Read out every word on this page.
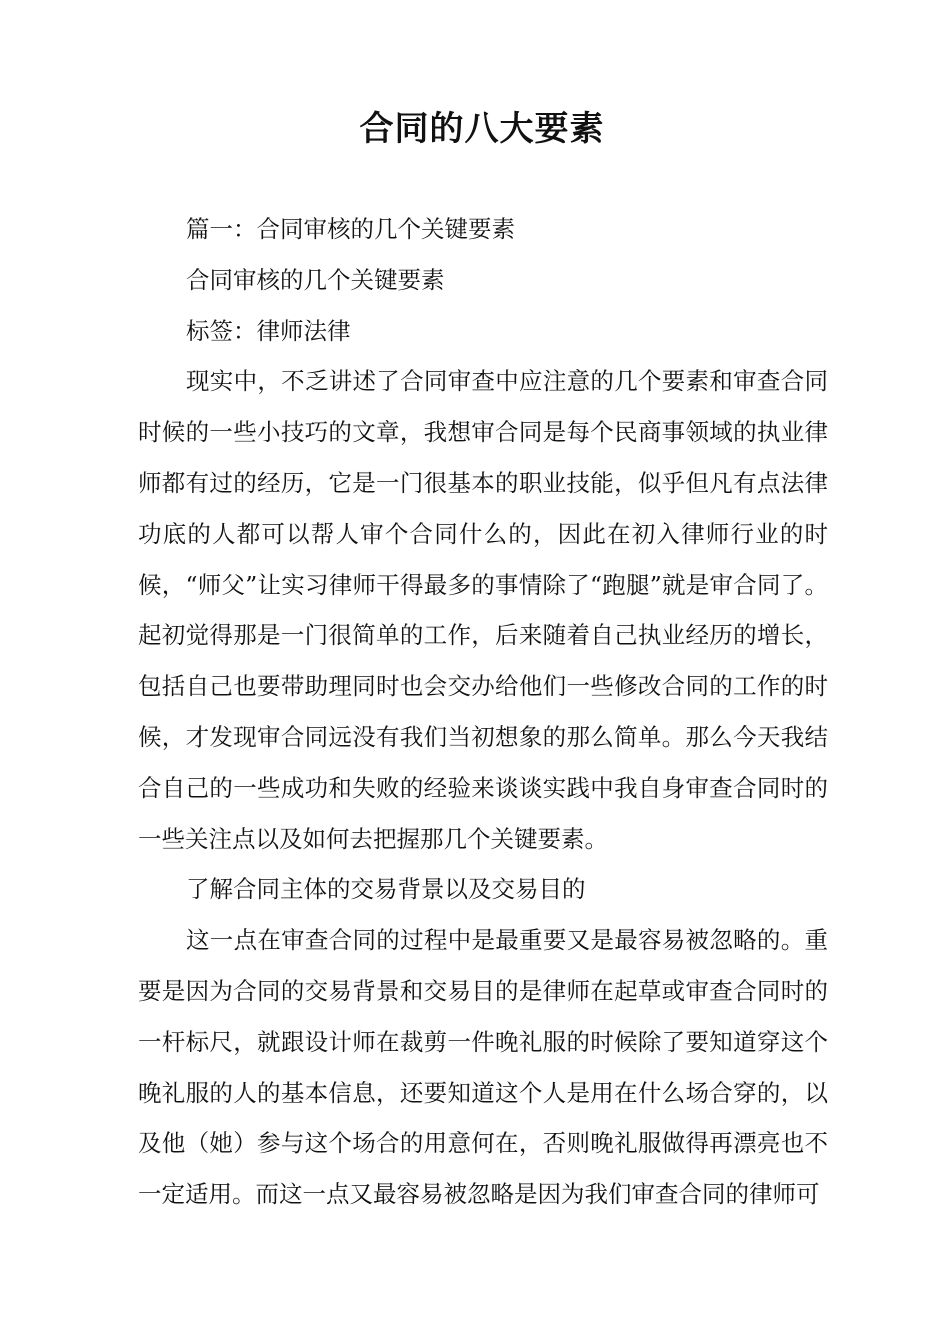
合同的八大要素

篇一：合同审核的几个关键要素

合同审核的几个关键要素

标签：律师法律

现实中，不乏讲述了合同审查中应注意的几个要素和审查合同时候的一些小技巧的文章，我想审合同是每个民商事领域的执业律师都有过的经历，它是一门很基本的职业技能，似乎但凡有点法律功底的人都可以帮人审个合同什么的，因此在初入律师行业的时候，“师父”让实习律师干得最多的事情除了“跑腿”就是审合同了。起初觉得那是一门很简单的工作，后来随着自己执业经历的增长，包括自己也要带助理同时也会交办给他们一些修改合同的工作的时候，才发现审合同远没有我们当初想象的那么简单。那么今天我结合自己的一些成功和失败的经验来谈谈实践中我自身审查合同时的一些关注点以及如何去把握那几个关键要素。

了解合同主体的交易背景以及交易目的

这一点在审查合同的过程中是最重要又是最容易被忽略的。重要是因为合同的交易背景和交易目的是律师在起草或审查合同时的一杆标尺，就跟设计师在裁剪一件晚礼服的时候除了要知道穿这个晚礼服的人的基本信息，还要知道这个人是用在什么场合穿的，以及他（她）参与这个场合的用意何在，否则晚礼服做得再漂亮也不一定适用。而这一点又最容易被忽略是因为我们审查合同的律师可
